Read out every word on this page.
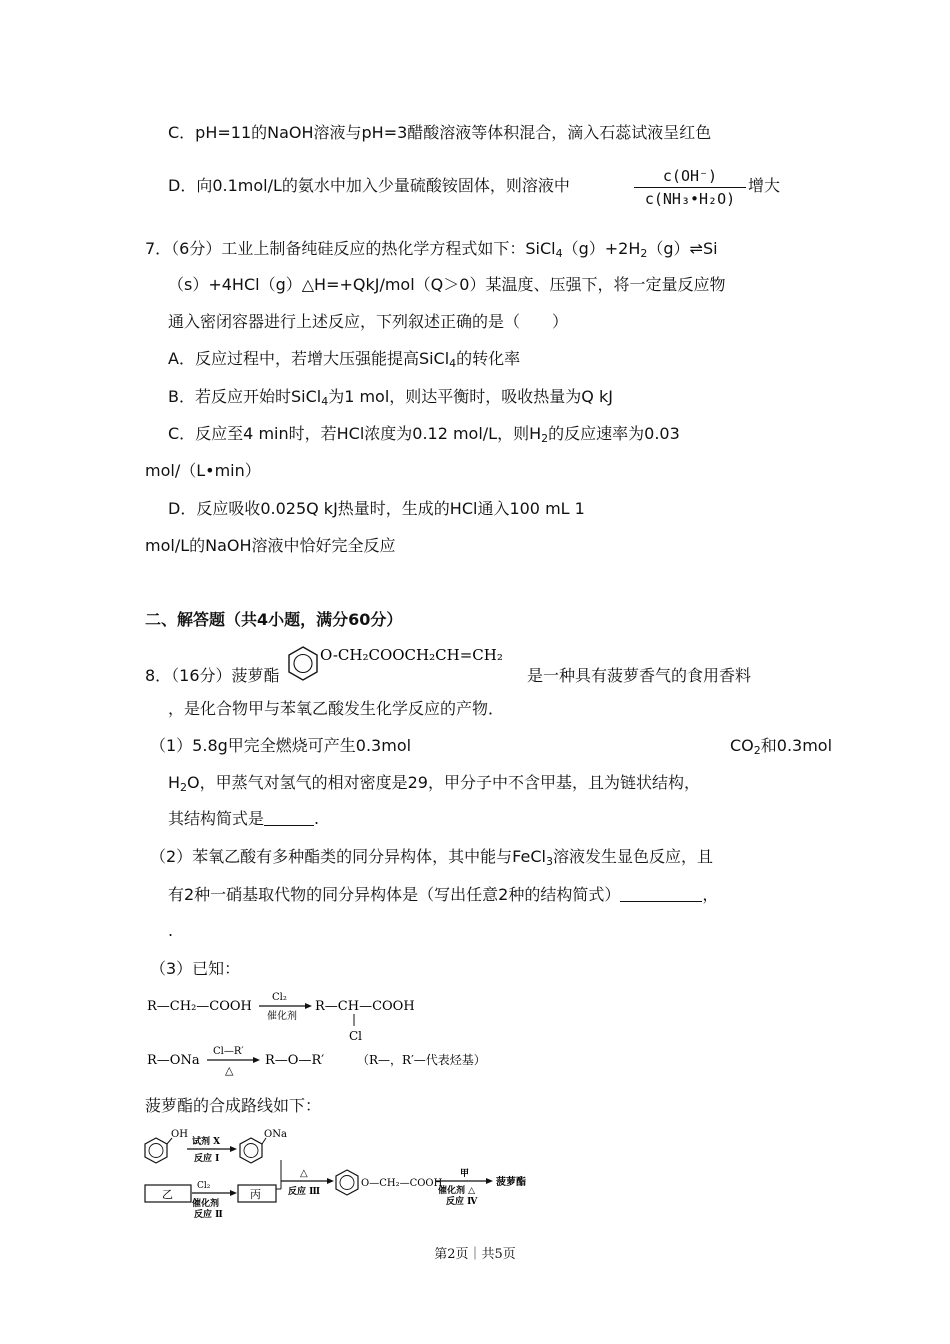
C．pH=11的NaOH溶液与pH=3醋酸溶液等体积混合，滴入石蕊试液呈红色
D．向0.1mol/L的氨水中加入少量硫酸铵固体，则溶液中	c(OH⁻)
c(NH₃•H₂O)
增大
7．（6分）工业上制备纯硅反应的热化学方程式如下：$SiCl_4(g)+2H_2(g)\rightleftharpoons Si$
（s）+4HCl（g）△H=+QkJ/mol（Q＞0）某温度、压强下，将一定量反应物
通入密闭容器进行上述反应，下列叙述正确的是（　　）
A．反应过程中，若增大压强能提高SiCl$_4$的转化率
B．若反应开始时SiCl$_4$为1 mol，则达平衡时，吸收热量为Q kJ
C．反应至4 min时，若HCl浓度为0.12 mol/L，则$H_2$的反应速率为0.03
mol/（L•min）
D．反应吸收0.025Q kJ热量时，生成的HCl通入100 mL 1
mol/L的NaOH溶液中恰好完全反应
二、解答题（共4小题，满分60分）
8．（16分）菠萝酯
O-CH₂COOCH₂CH=CH₂
是一种具有菠萝香气的食用香料
，是化合物甲与苯氧乙酸发生化学反应的产物．
（1）5.8g甲完全燃烧可产生0.3mol	$CO_2$和0.3mol
$H_2O$，甲蒸气对氢气的相对密度是29，甲分子中不含甲基，且为链状结构，
其结构简式是	.
（2）苯氧乙酸有多种酯类的同分异构体，其中能与FeCl$_3$溶液发生显色反应，且
有2种一硝基取代物的同分异构体是（写出任意2种的结构简式）	，
.
（3）已知：
R—CH₂—COOH
Cl₂
催化剂
R—CH—COOH
Cl
R—ONa
Cl—R′
△
R—O—R′	（R—，R′—代表烃基）
菠萝酯的合成路线如下：
OH
试剂 X
反应 Ⅰ
ONa
△
反应 Ⅲ
乙
Cl₂
催化剂
反应 Ⅱ
丙
O—CH₂—COOH
甲
催化剂 △
反应 Ⅳ
菠萝酯
第2页｜共5页
